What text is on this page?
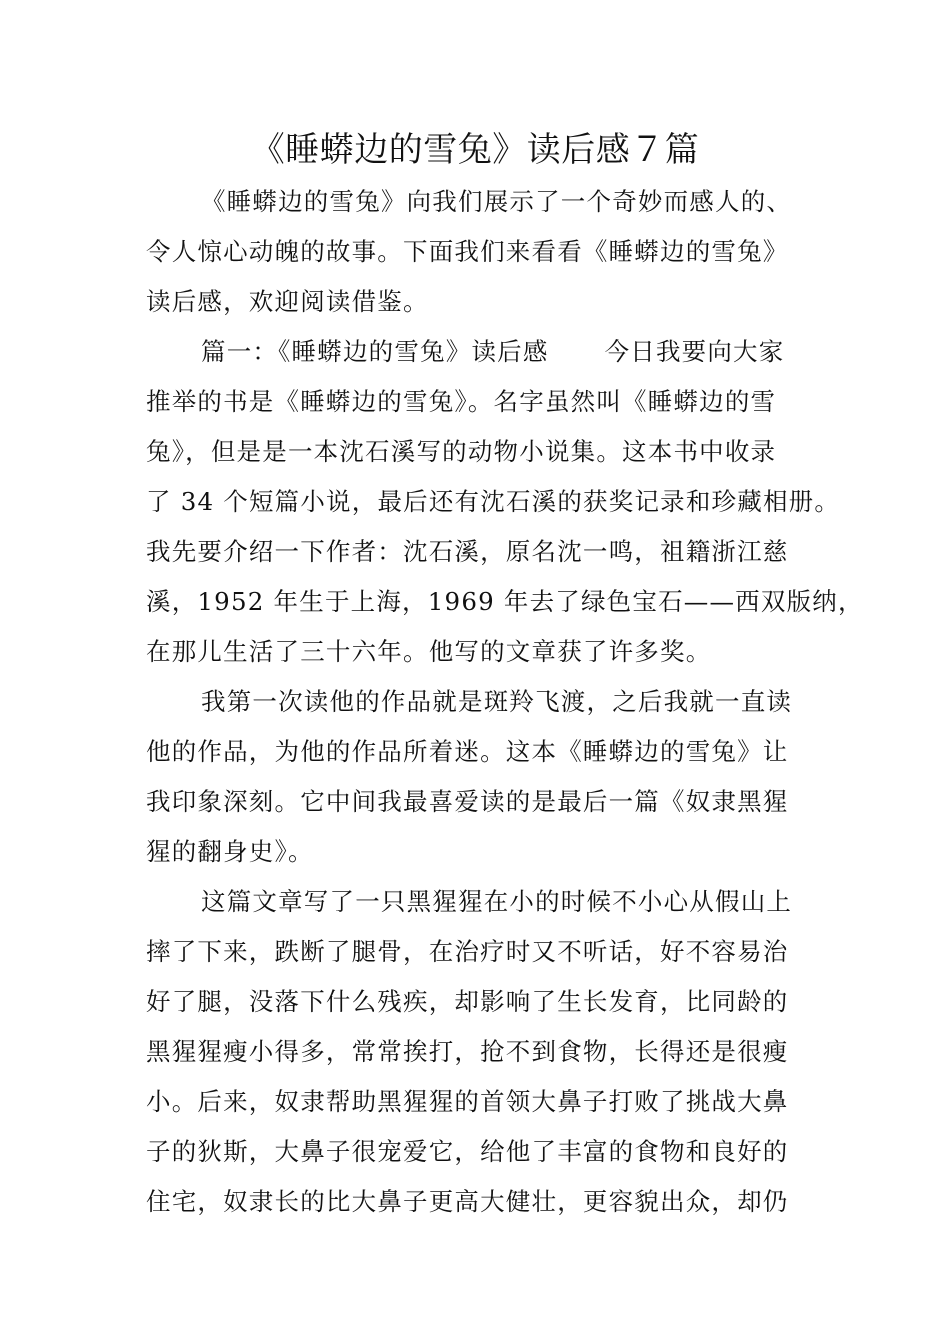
《睡蟒边的雪兔》读后感７篇
《睡蟒边的雪兔》向我们展示了一个奇妙而感人的、
令人惊心动魄的故事。下面我们来看看《睡蟒边的雪兔》
读后感，欢迎阅读借鉴。
篇一：《睡蟒边的雪兔》读后感 今日我要向大家
推举的书是《睡蟒边的雪兔》。名字虽然叫《睡蟒边的雪
兔》，但是是一本沈石溪写的动物小说集。这本书中收录
了 34 个短篇小说，最后还有沈石溪的获奖记录和珍藏相册。
我先要介绍一下作者：沈石溪，原名沈一鸣，祖籍浙江慈
溪，1952 年生于上海，1969 年去了绿色宝石——西双版纳，
在那儿生活了三十六年。他写的文章获了许多奖。
我第一次读他的作品就是斑羚飞渡，之后我就一直读
他的作品，为他的作品所着迷。这本《睡蟒边的雪兔》让
我印象深刻。它中间我最喜爱读的是最后一篇《奴隶黑猩
猩的翻身史》。
这篇文章写了一只黑猩猩在小的时候不小心从假山上
摔了下来，跌断了腿骨，在治疗时又不听话，好不容易治
好了腿，没落下什么残疾，却影响了生长发育，比同龄的
黑猩猩瘦小得多，常常挨打，抢不到食物，长得还是很瘦
小。后来，奴隶帮助黑猩猩的首领大鼻子打败了挑战大鼻
子的狄斯，大鼻子很宠爱它，给他了丰富的食物和良好的
住宅，奴隶长的比大鼻子更高大健壮，更容貌出众，却仍
